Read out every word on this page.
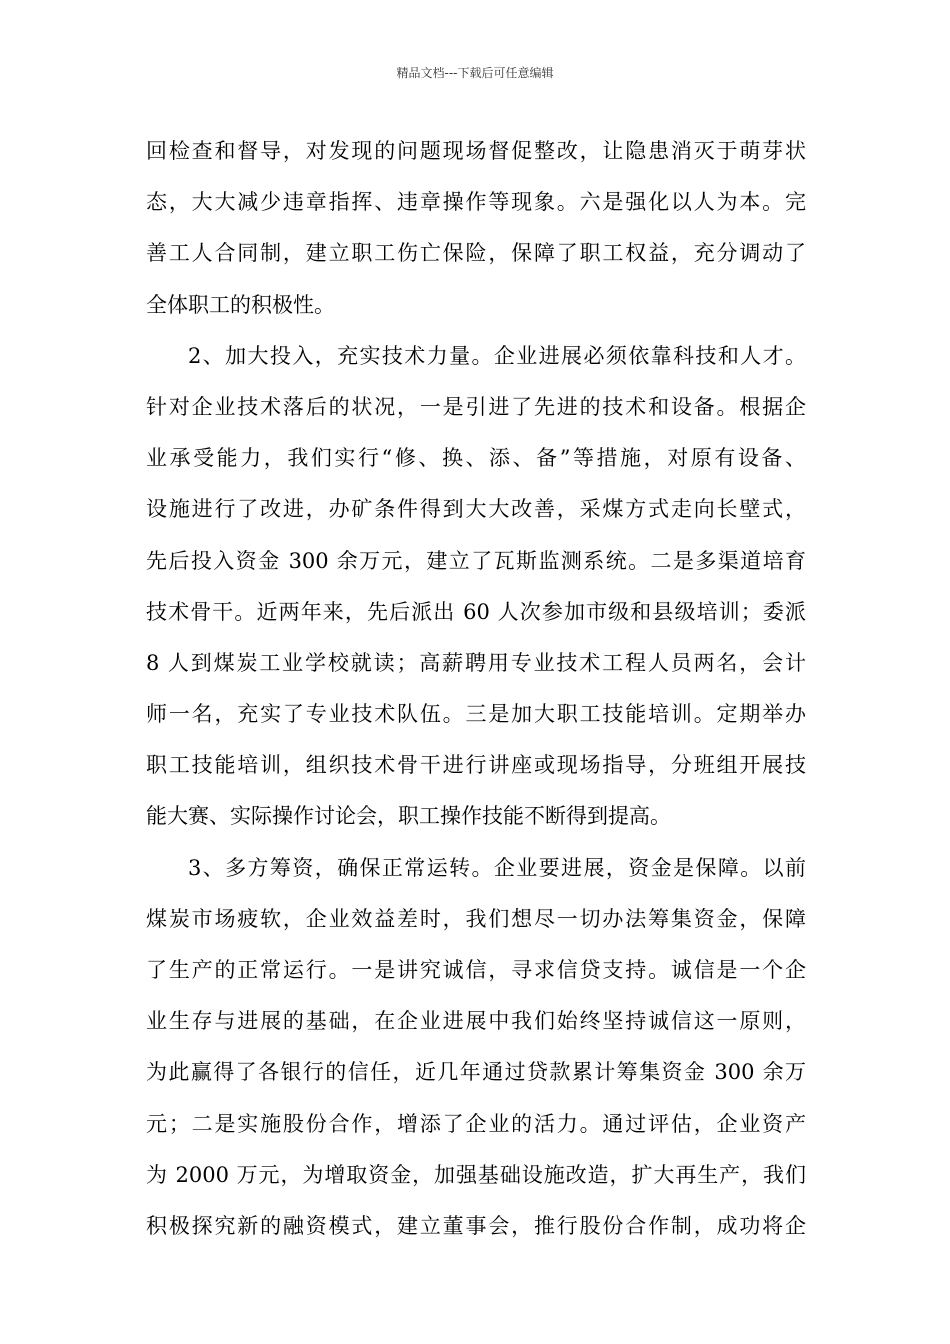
精品文档---下载后可任意编辑
回检查和督导，对发现的问题现场督促整改，让隐患消灭于萌芽状
态，大大减少违章指挥、违章操作等现象。六是强化以人为本。完
善工人合同制，建立职工伤亡保险，保障了职工权益，充分调动了
全体职工的积极性。
2、加大投入，充实技术力量。企业进展必须依靠科技和人才。
针对企业技术落后的状况，一是引进了先进的技术和设备。根据企
业承受能力，我们实行“修、换、添、备”等措施，对原有设备、
设施进行了改进，办矿条件得到大大改善，采煤方式走向长壁式，
先后投入资金 300 余万元，建立了瓦斯监测系统。二是多渠道培育
技术骨干。近两年来，先后派出 60 人次参加市级和县级培训；委派
8 人到煤炭工业学校就读；高薪聘用专业技术工程人员两名，会计
师一名，充实了专业技术队伍。三是加大职工技能培训。定期举办
职工技能培训，组织技术骨干进行讲座或现场指导，分班组开展技
能大赛、实际操作讨论会，职工操作技能不断得到提高。
3、多方筹资，确保正常运转。企业要进展，资金是保障。以前
煤炭市场疲软，企业效益差时，我们想尽一切办法筹集资金，保障
了生产的正常运行。一是讲究诚信，寻求信贷支持。诚信是一个企
业生存与进展的基础，在企业进展中我们始终坚持诚信这一原则，
为此赢得了各银行的信任，近几年通过贷款累计筹集资金 300 余万
元；二是实施股份合作，增添了企业的活力。通过评估，企业资产
为 2000 万元，为增取资金，加强基础设施改造，扩大再生产，我们
积极探究新的融资模式，建立董事会，推行股份合作制，成功将企
